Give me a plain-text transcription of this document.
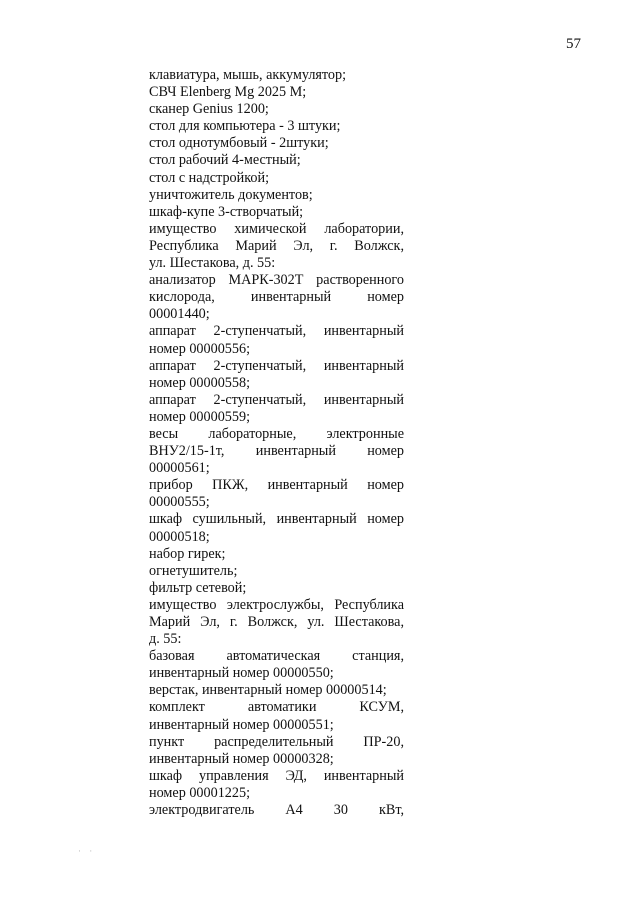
57
клавиатура, мышь, аккумулятор;
СВЧ Elenberg Mg 2025 M;
сканер Genius 1200;
стол для компьютера - 3 штуки;
стол однотумбовый - 2штуки;
стол рабочий 4-местный;
стол с надстройкой;
уничтожитель документов;
шкаф-купе 3-створчатый;
имущество химической лаборатории,
Республика Марий Эл, г. Волжск,
ул. Шестакова, д. 55:
анализатор МАРК-302Т растворенного
кислорода, инвентарный номер
00001440;
аппарат 2-ступенчатый, инвентарный
номер 00000556;
аппарат 2-ступенчатый, инвентарный
номер 00000558;
аппарат 2-ступенчатый, инвентарный
номер 00000559;
весы лабораторные, электронные
ВНУ2/15-1т, инвентарный номер
00000561;
прибор ПКЖ, инвентарный номер
00000555;
шкаф сушильный, инвентарный номер
00000518;
набор гирек;
огнетушитель;
фильтр сетевой;
имущество электрослужбы, Республика
Марий Эл, г. Волжск, ул. Шестакова,
д. 55:
базовая автоматическая станция,
инвентарный номер 00000550;
верстак, инвентарный номер 00000514;
комплект автоматики КСУМ,
инвентарный номер 00000551;
пункт распределительный ПР-20,
инвентарный номер 00000328;
шкаф управления ЭД, инвентарный
номер 00001225;
электродвигатель А4 30 кВт,
· ·
